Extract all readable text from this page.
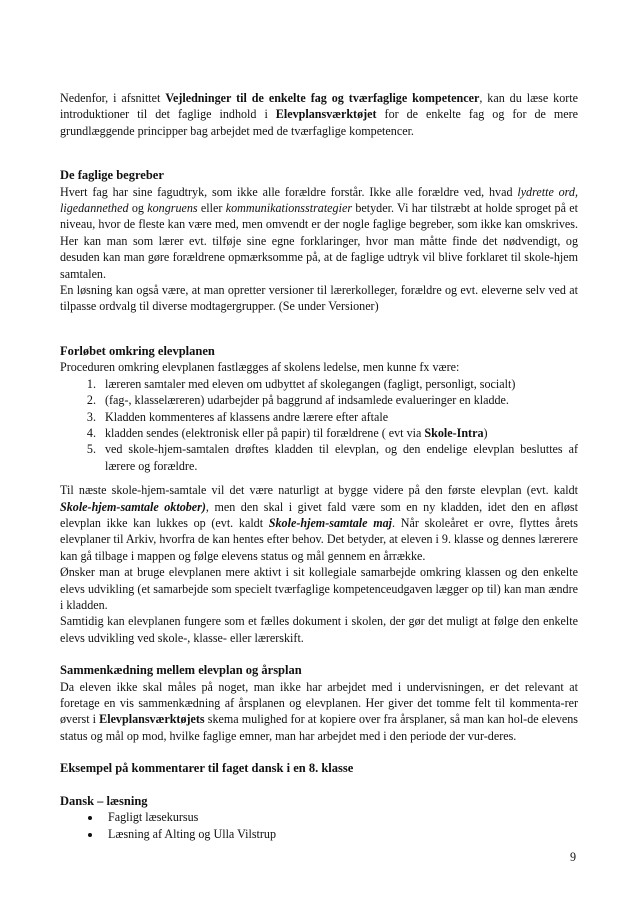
Nedenfor, i afsnittet Vejledninger til de enkelte fag og tværfaglige kompetencer, kan du læse korte introduktioner til det faglige indhold i Elevplansværktøjet for de enkelte fag og for de mere grundlæggende principper bag arbejdet med de tværfaglige kompetencer.

De faglige begreber

Hvert fag har sine fagudtryk, som ikke alle forældre forstår. Ikke alle forældre ved, hvad lydrette ord, ligedannethed og kongruens eller kommunikationsstrategier betyder. Vi har tilstræbt at holde sproget på et niveau, hvor de fleste kan være med, men omvendt er der nogle faglige begreber, som ikke kan omskrives. Her kan man som lærer evt. tilføje sine egne forklaringer, hvor man måtte finde det nødvendigt, og desuden kan man gøre forældrene opmærksomme på, at de faglige udtryk vil blive forklaret til skole-hjem samtalen.

En løsning kan også være, at man opretter versioner til lærerkolleger, forældre og evt. eleverne selv ved at tilpasse ordvalg til diverse modtagergrupper. (Se under Versioner)

Forløbet omkring elevplanen

Proceduren omkring elevplanen fastlægges af skolens ledelse, men kunne fx være:

1. læreren samtaler med eleven om udbyttet af skolegangen (fagligt, personligt, socialt)
2. (fag-, klasselæreren) udarbejder på baggrund af indsamlede evalueringer en kladde.
3. Kladden kommenteres af klassens andre lærere efter aftale
4. kladden sendes (elektronisk eller på papir) til forældrene ( evt via Skole-Intra)
5. ved skole-hjem-samtalen drøftes kladden til elevplan, og den endelige elevplan besluttes af lærere og forældre.

Til næste skole-hjem-samtale vil det være naturligt at bygge videre på den første elevplan (evt. kaldt Skole-hjem-samtale oktober), men den skal i givet fald være som en ny kladden, idet den en afløst elevplan ikke kan lukkes op (evt. kaldt Skole-hjem-samtale maj. Når skoleåret er ovre, flyttes årets elevplaner til Arkiv, hvorfra de kan hentes efter behov. Det betyder, at eleven i 9. klasse og dennes lærerere kan gå tilbage i mappen og følge elevens status og mål gennem en årrække.

Ønsker man at bruge elevplanen mere aktivt i sit kollegiale samarbejde omkring klassen og den enkelte elevs udvikling (et samarbejde som specielt tværfaglige kompetenceudgaven lægger op til) kan man ændre i kladden.

Samtidig kan elevplanen fungere som et fælles dokument i skolen, der gør det muligt at følge den enkelte elevs udvikling ved skole-, klasse- eller lærerskift.

Sammenkædning mellem elevplan og årsplan

Da eleven ikke skal måles på noget, man ikke har arbejdet med i undervisningen, er det relevant at foretage en vis sammenkædning af årsplanen og elevplanen. Her giver det tomme felt til kommenta-rer øverst i Elevplansværktøjets skema mulighed for at kopiere over fra årsplaner, så man kan hol-de elevens status og mål op mod, hvilke faglige emner, man har arbejdet med i den periode der vur-deres.

Eksempel på kommentarer til faget dansk i en 8. klasse
Dansk – læsning
• Fagligt læsekursus
• Læsning af Alting og Ulla Vilstrup
9
